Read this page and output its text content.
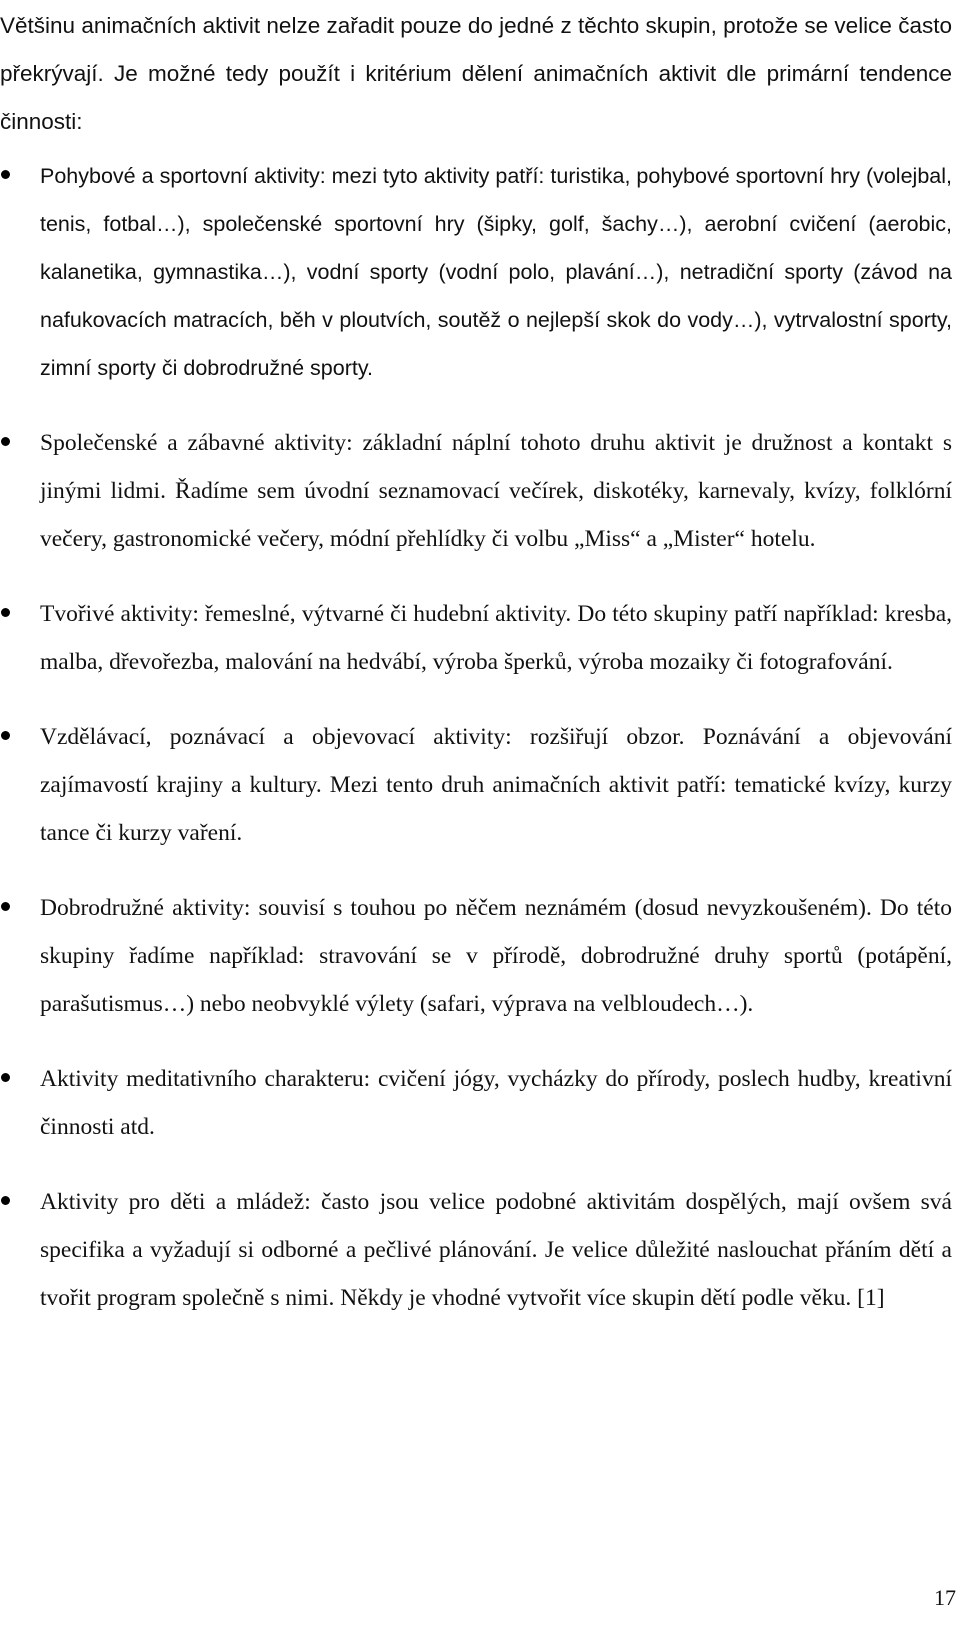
Většinu animačních aktivit nelze zařadit pouze do jedné z těchto skupin, protože se velice často překrývají. Je možné tedy použít i kritérium dělení animačních aktivit dle primární tendence činnosti:

Pohybové a sportovní aktivity: mezi tyto aktivity patří: turistika, pohybové sportovní hry (volejbal, tenis, fotbal…), společenské sportovní hry (šipky, golf, šachy…), aerobní cvičení (aerobic, kalanetika, gymnastika…), vodní sporty (vodní polo, plavání…), netradiční sporty (závod na nafukovacích matracích, běh v ploutvích, soutěž o nejlepší skok do vody…), vytrvalostní sporty, zimní sporty či dobrodružné sporty.
Společenské a zábavné aktivity: základní náplní tohoto druhu aktivit je družnost a kontakt s jinými lidmi. Řadíme sem úvodní seznamovací večírek, diskotéky, karnevaly, kvízy, folklórní večery, gastronomické večery, módní přehlídky či volbu „Miss“ a „Mister“ hotelu.
Tvořivé aktivity: řemeslné, výtvarné či hudební aktivity. Do této skupiny patří například: kresba, malba, dřevořezba, malování na hedvábí, výroba šperků, výroba mozaiky či fotografování.
Vzdělávací, poznávací a objevovací aktivity: rozšiřují obzor. Poznávání a objevování zajímavostí krajiny a kultury. Mezi tento druh animačních aktivit patří: tematické kvízy, kurzy tance či kurzy vaření.
Dobrodružné aktivity: souvisí s touhou po něčem neznámém (dosud nevyzkoušeném). Do této skupiny řadíme například: stravování se v přírodě, dobrodružné druhy sportů (potápění, parašutismus…) nebo neobvyklé výlety (safari, výprava na velbloudech…).
Aktivity meditativního charakteru: cvičení jógy, vycházky do přírody, poslech hudby, kreativní činnosti atd.
Aktivity pro děti a mládež: často jsou velice podobné aktivitám dospělých, mají ovšem svá specifika a vyžadují si odborné a pečlivé plánování. Je velice důležité naslouchat přáním dětí a tvořit program společně s nimi. Někdy je vhodné vytvořit více skupin dětí podle věku. [1]
17
